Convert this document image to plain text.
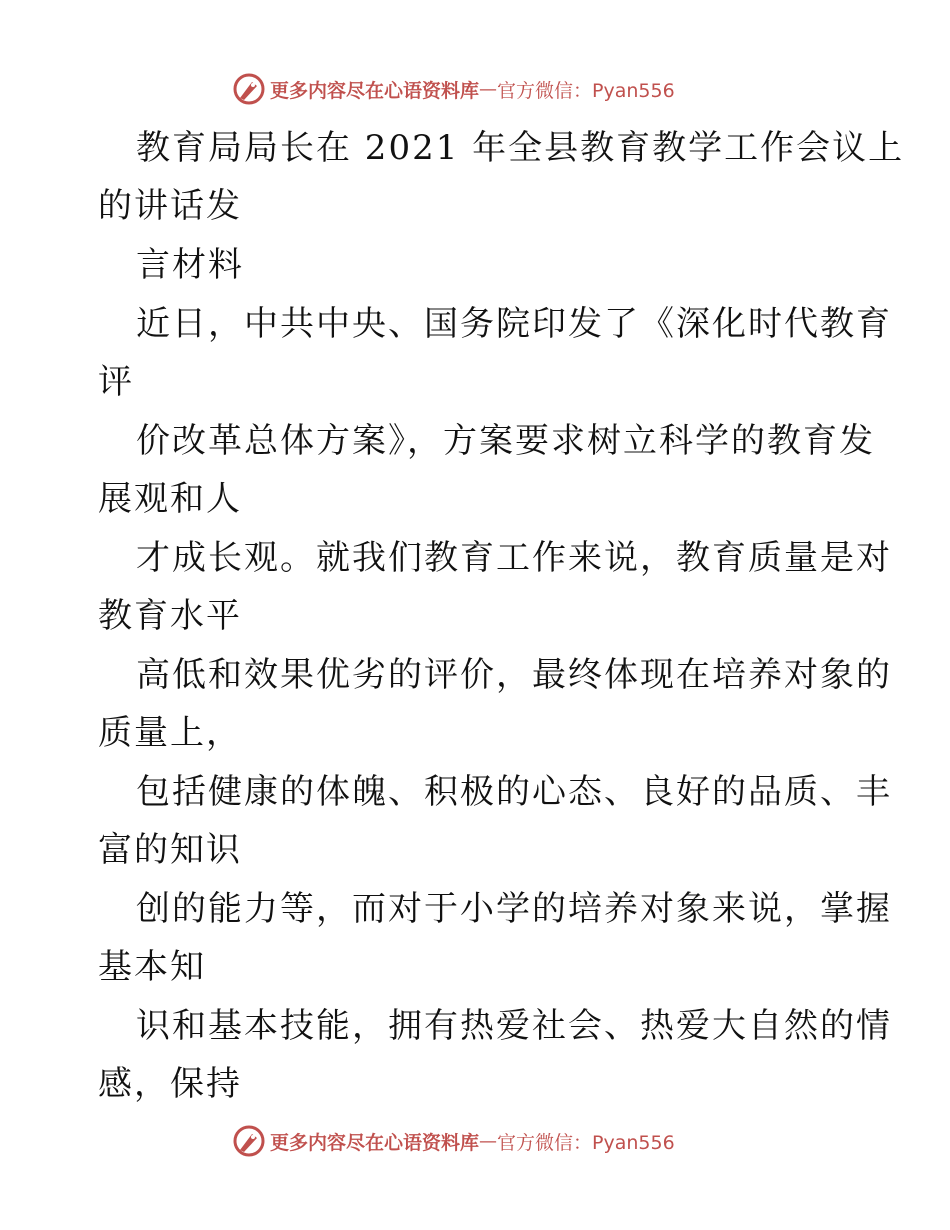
更多内容尽在心语资料库 — 官方微信：Pyan556
教育局局长在 2021 年全县教育教学工作会议上
的讲话发
言材料
近日，中共中央、国务院印发了《深化时代教育
评
价改革总体方案》，方案要求树立科学的教育发
展观和人
才成长观。就我们教育工作来说，教育质量是对
教育水平
高低和效果优劣的评价，最终体现在培养对象的
质量上，
包括健康的体魄、积极的心态、良好的品质、丰
富的知识
创的能力等，而对于小学的培养对象来说，掌握
基本知
识和基本技能，拥有热爱社会、热爱大自然的情
感，保持
更多内容尽在心语资料库 — 官方微信：Pyan556
